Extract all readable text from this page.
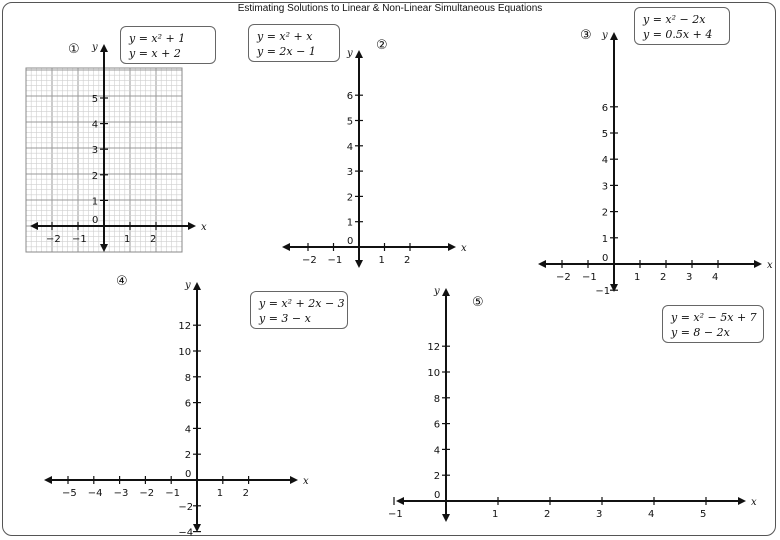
Estimating Solutions to Linear & Non-Linear Simultaneous Equations
x
y
−2 −1
0
1 2
1
2
3
4
5
x
y
−2 −1
0
1 2
1
2
3
4
5
6
x
y
−2 −1
0
1 2 3 4
−1
1
2
3
4
5
6
x
y
−5 −4 −3 −2 −1
0
1 2
−4
−2
2
4
6
8
10
12
x
y
−1
0
1	2	3	4	5
2
4
6
8
10
12
①	②
③
④
⑤
y = x² + 1
y = x + 2
y = x² + x
y = 2x − 1
y = x² − 2x
y = 0.5x + 4
y = x² + 2x − 3
y = 3 − x	y = x² − 5x + 7
y = 8 − 2x
